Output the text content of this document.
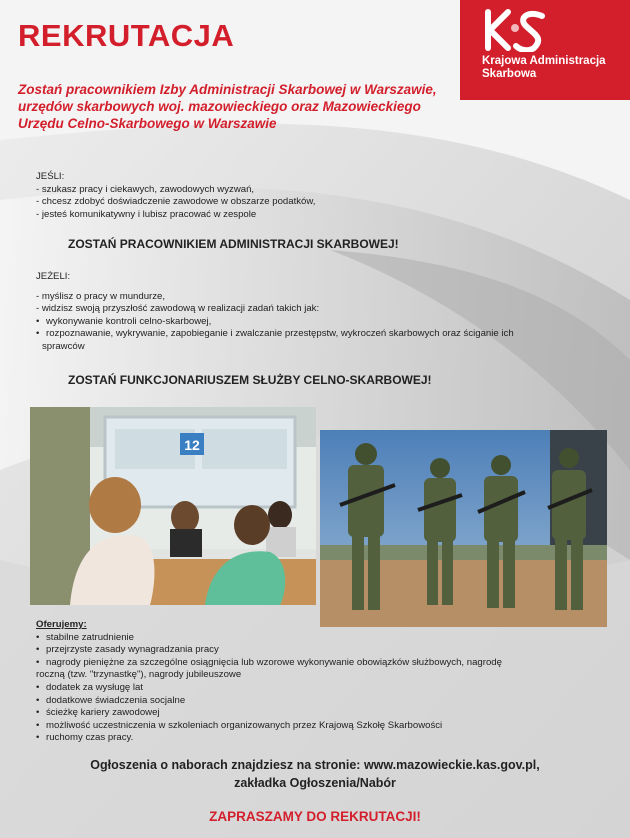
REKRUTACJA
Krajowa Administracja
Skarbowa
Zostań pracownikiem Izby Administracji Skarbowej w Warszawie,
urzędów skarbowych woj. mazowieckiego oraz Mazowieckiego
Urzędu Celno-Skarbowego w Warszawie

JEŚLI:

- szukasz pracy i ciekawych, zawodowych wyzwań,
- chcesz zdobyć doświadczenie zawodowe w obszarze podatków,
- jesteś komunikatywny i lubisz pracować w zespole
ZOSTAŃ PRACOWNIKIEM ADMINISTRACJI SKARBOWEJ!

JEŻELI:

- myślisz o pracy w mundurze,
- widzisz swoją przyszłość zawodową w realizacji zadań takich jak:
• wykonywanie kontroli celno-skarbowej,
• rozpoznawanie, wykrywanie, zapobieganie i zwalczanie przestępstw, wykroczeń skarbowych oraz ściganie ich
sprawców
ZOSTAŃ FUNKCJONARIUSZEM SŁUŻBY CELNO-SKARBOWEJ!
12
Oferujemy:
• stabilne zatrudnienie
• przejrzyste zasady wynagradzania pracy
• nagrody pieniężne za szczególne osiągnięcia lub wzorowe wykonywanie obowiązków służbowych, nagrodę
roczną (tzw. "trzynastkę"), nagrody jubileuszowe
• dodatek za wysługę lat
• dodatkowe świadczenia socjalne
• ścieżkę kariery zawodowej
• możliwość uczestniczenia w szkoleniach organizowanych przez Krajową Szkołę Skarbowości
• ruchomy czas pracy.
Ogłoszenia o naborach znajdziesz na stronie: www.mazowieckie.kas.gov.pl,
zakładka Ogłoszenia/Nabór
ZAPRASZAMY DO REKRUTACJI!
